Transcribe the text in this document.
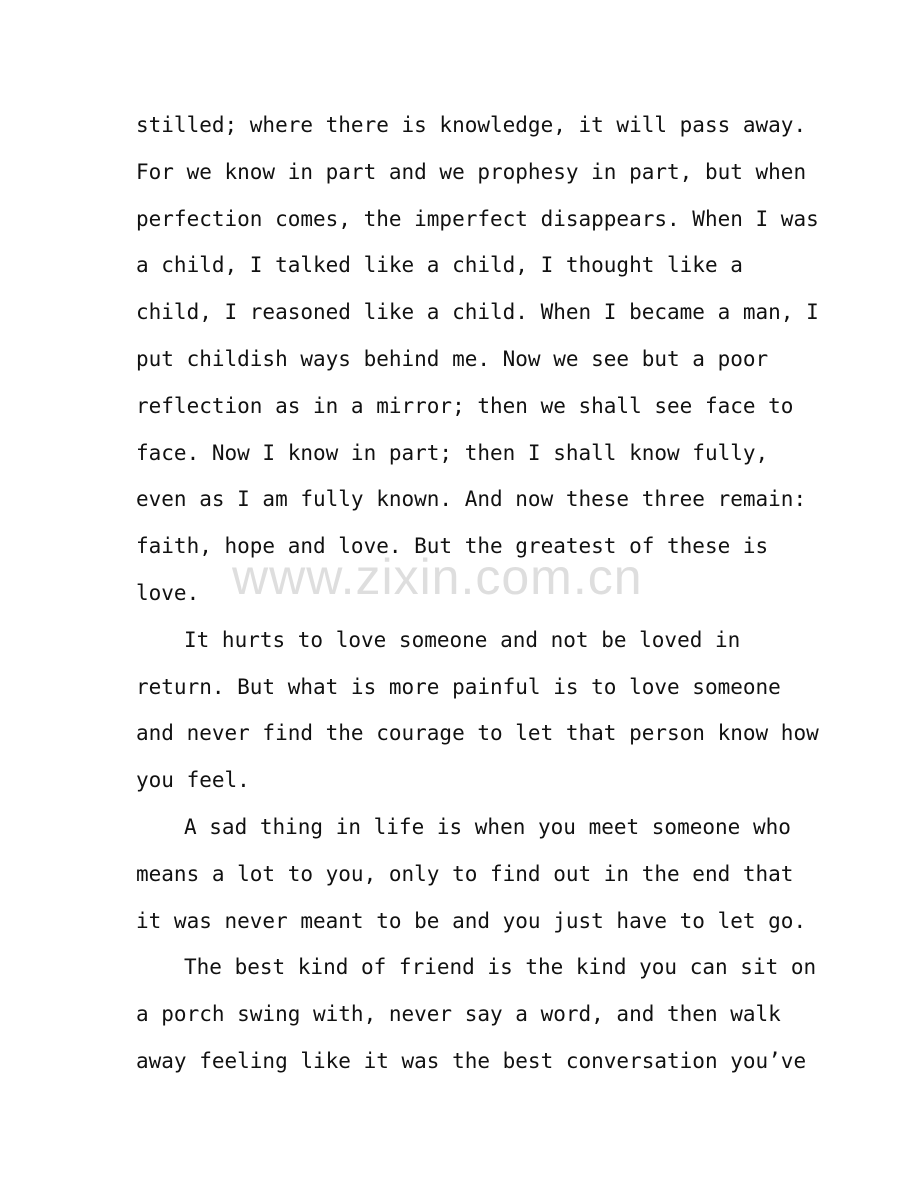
stilled; where there is knowledge, it will pass away.
For we know in part and we prophesy in part, but when
perfection comes, the imperfect disappears. When I was
a child, I talked like a child, I thought like a
child, I reasoned like a child. When I became a man, I
put childish ways behind me. Now we see but a poor
reflection as in a mirror; then we shall see face to
face. Now I know in part; then I shall know fully,
even as I am fully known. And now these three remain:
faith, hope and love. But the greatest of these is
love.
It hurts to love someone and not be loved in
return. But what is more painful is to love someone
and never find the courage to let that person know how
you feel.
A sad thing in life is when you meet someone who
means a lot to you, only to find out in the end that
it was never meant to be and you just have to let go.
The best kind of friend is the kind you can sit on
a porch swing with, never say a word, and then walk
away feeling like it was the best conversation you’ve
www.zixin.com.cn
